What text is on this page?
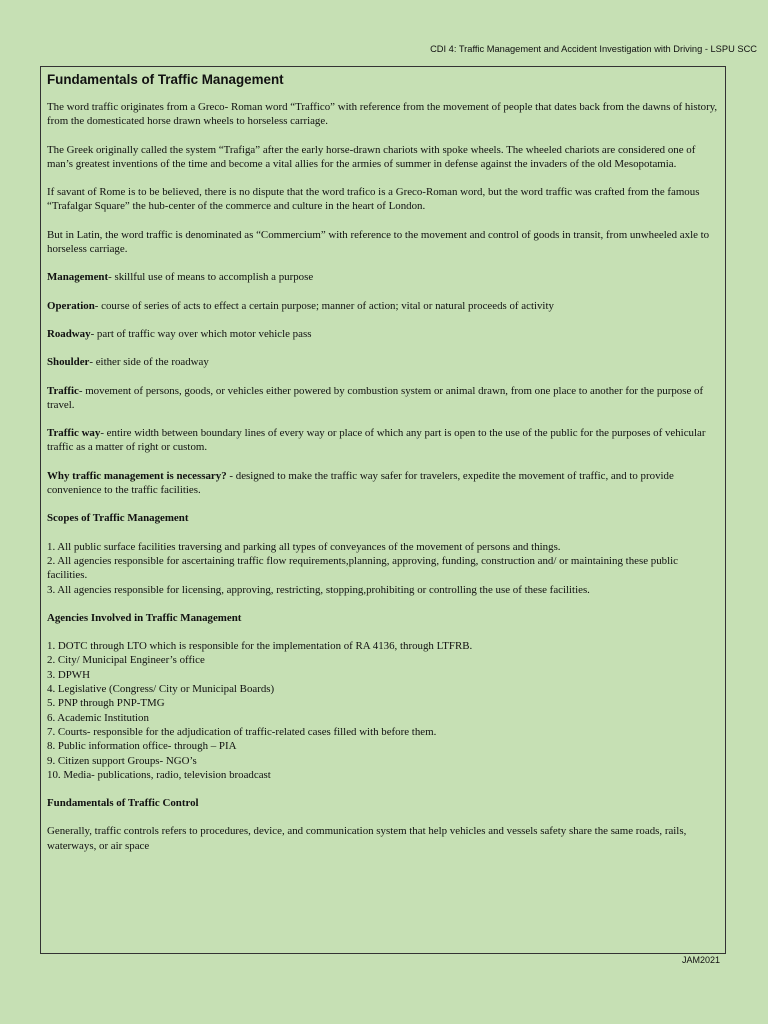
CDI 4: Traffic Management and Accident Investigation with Driving - LSPU SCC
Fundamentals of Traffic Management

The word traffic originates from a Greco- Roman word “Traffico” with reference from the movement of people that dates back from the dawns of history, from the domesticated horse drawn wheels to horseless carriage.

The Greek originally called the system “Trafiga” after the early horse-drawn chariots with spoke wheels. The wheeled chariots are considered one of man’s greatest inventions of the time and become a vital allies for the armies of summer in defense against the invaders of the old Mesopotamia.

If savant of Rome is to be believed, there is no dispute that the word trafico is a Greco-Roman word, but the word traffic was crafted from the famous “Trafalgar Square” the hub-center of the commerce and culture in the heart of London.

But in Latin, the word traffic is denominated as “Commercium” with reference to the movement and control of goods in transit, from unwheeled axle to horseless carriage.

Management- skillful use of means to accomplish a purpose
Operation- course of series of acts to effect a certain purpose; manner of action; vital or natural proceeds of activity
Roadway- part of traffic way over which motor vehicle pass
Shoulder- either side of the roadway
Traffic- movement of persons, goods, or vehicles either powered by combustion system or animal drawn, from one place to another for the purpose of travel.
Traffic way- entire width between boundary lines of every way or place of which any part is open to the use of the public for the purposes of vehicular traffic as a matter of right or custom.
Why traffic management is necessary? - designed to make the traffic way safer for travelers, expedite the movement of traffic, and to provide convenience to the traffic facilities.
Scopes of Traffic Management
1. All public surface facilities traversing and parking all types of conveyances of the movement of persons and things.
2. All agencies responsible for ascertaining traffic flow requirements,planning, approving, funding, construction and/ or maintaining these public facilities.
3. All agencies responsible for licensing, approving, restricting, stopping,prohibiting or controlling the use of these facilities.
Agencies Involved in Traffic Management
1. DOTC through LTO which is responsible for the implementation of RA 4136, through LTFRB.
2. City/ Municipal Engineer’s office
3. DPWH
4. Legislative (Congress/ City or Municipal Boards)
5. PNP through PNP-TMG
6. Academic Institution
7. Courts- responsible for the adjudication of traffic-related cases filled with before them.
8. Public information office- through – PIA
9. Citizen support Groups- NGO’s
10. Media- publications, radio, television broadcast
Fundamentals of Traffic Control

Generally, traffic controls refers to procedures, device, and communication system that help vehicles and vessels safety share the same roads, rails, waterways, or air space

JAM2021
